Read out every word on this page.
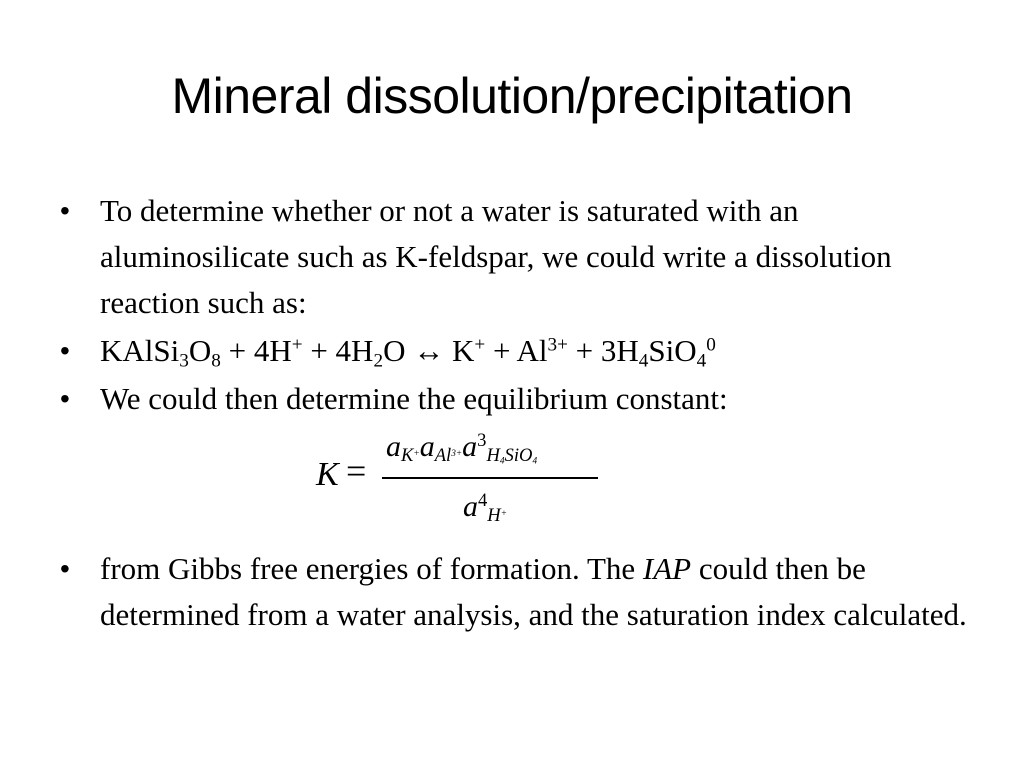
Mineral dissolution/precipitation
• To determine whether or not a water is saturated with an aluminosilicate such as K-feldspar, we could write a dissolution reaction such as:
• $KAlSi_3O_8 + 4H^+ + 4H_2O$ ↔ $K^+ + Al^{3+} + 3H_4SiO_4^0$
• We could then determine the equilibrium constant:
K =
$a_{K^+}a_{Al^{3+}}a^3_{H_4SiO_4}$
$a^4_{H^+}$
• from Gibbs free energies of formation. The IAP could then be determined from a water analysis, and the saturation index calculated.
